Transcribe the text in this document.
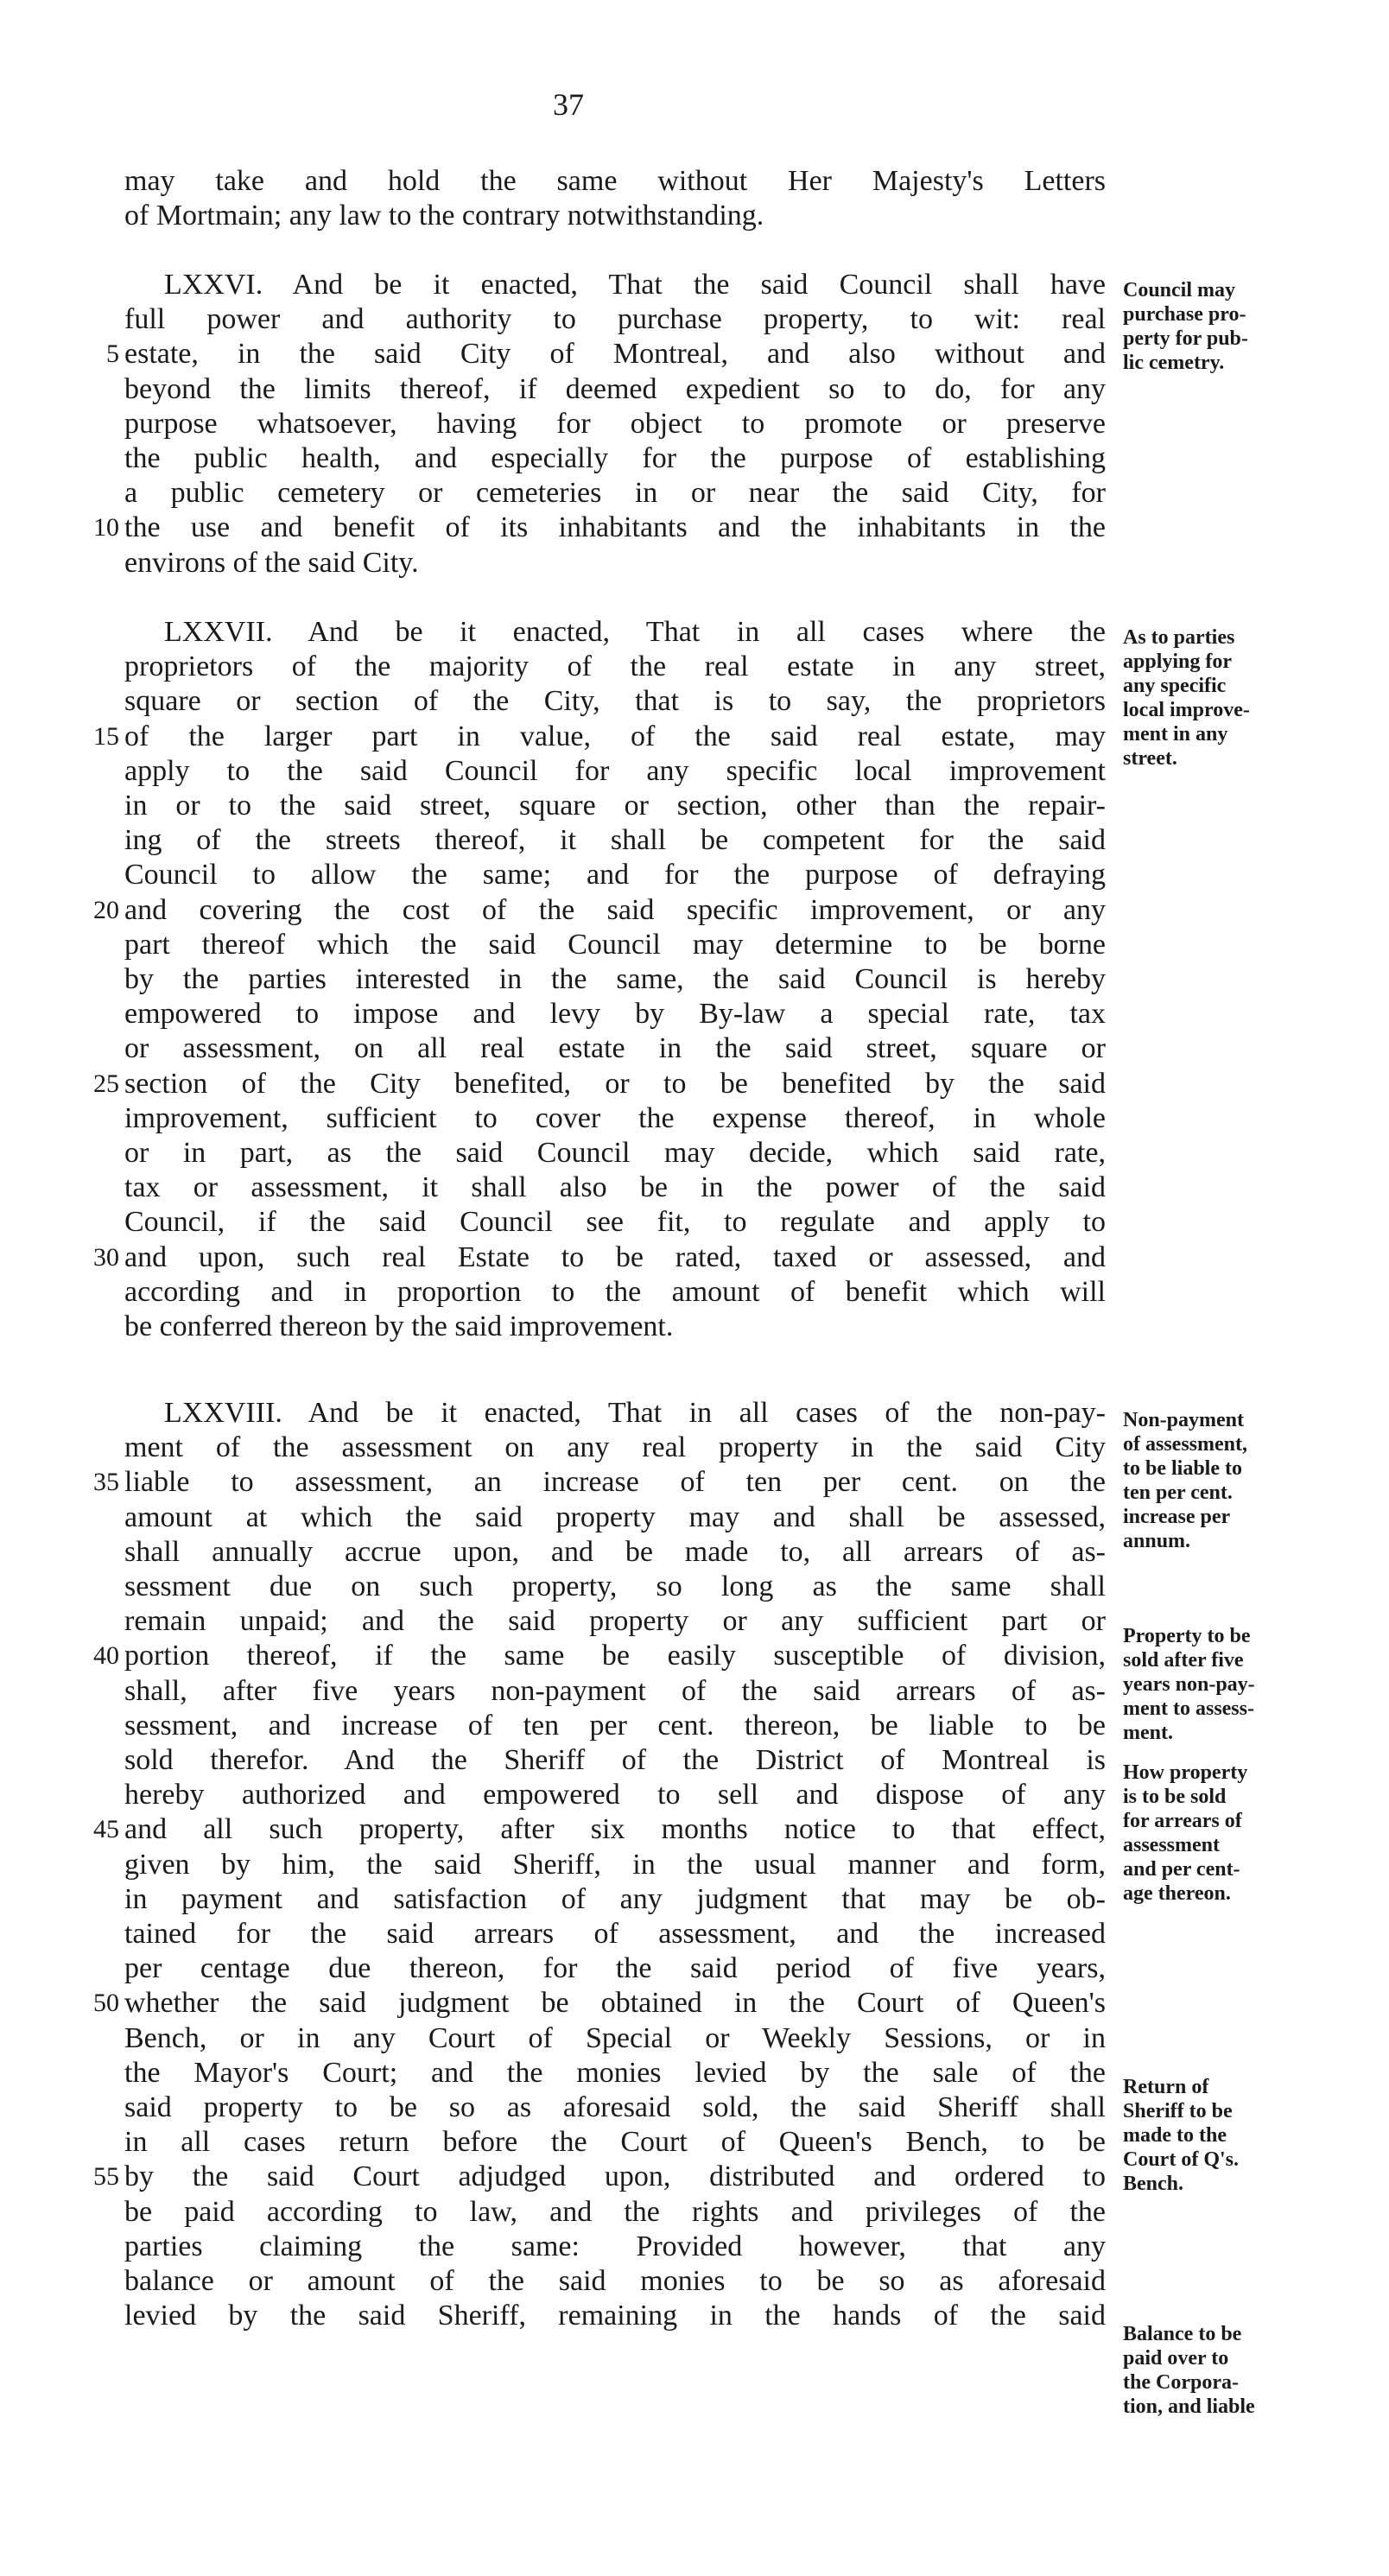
37
may take and hold the same without Her Majesty's Letters
of Mortmain; any law to the contrary notwithstanding.
LXXVI. And be it enacted, That the said Council shall have
full power and authority to purchase property, to wit: real
estate, in the said City of Montreal, and also without and
beyond the limits thereof, if deemed expedient so to do, for any
purpose whatsoever, having for object to promote or preserve
the public health, and especially for the purpose of establishing
a public cemetery or cemeteries in or near the said City, for
the use and benefit of its inhabitants and the inhabitants in the
environs of the said City.
LXXVII. And be it enacted, That in all cases where the
proprietors of the majority of the real estate in any street,
square or section of the City, that is to say, the proprietors
of the larger part in value, of the said real estate, may
apply to the said Council for any specific local improvement
in or to the said street, square or section, other than the repair-
ing of the streets thereof, it shall be competent for the said
Council to allow the same; and for the purpose of defraying
and covering the cost of the said specific improvement, or any
part thereof which the said Council may determine to be borne
by the parties interested in the same, the said Council is hereby
empowered to impose and levy by By-law a special rate, tax
or assessment, on all real estate in the said street, square or
section of the City benefited, or to be benefited by the said
improvement, sufficient to cover the expense thereof, in whole
or in part, as the said Council may decide, which said rate,
tax or assessment, it shall also be in the power of the said
Council, if the said Council see fit, to regulate and apply to
and upon, such real Estate to be rated, taxed or assessed, and
according and in proportion to the amount of benefit which will
be conferred thereon by the said improvement.
LXXVIII. And be it enacted, That in all cases of the non-pay-
ment of the assessment on any real property in the said City
liable to assessment, an increase of ten per cent. on the
amount at which the said property may and shall be assessed,
shall annually accrue upon, and be made to, all arrears of as-
sessment due on such property, so long as the same shall
remain unpaid; and the said property or any sufficient part or
portion thereof, if the same be easily susceptible of division,
shall, after five years non-payment of the said arrears of as-
sessment, and increase of ten per cent. thereon, be liable to be
sold therefor. And the Sheriff of the District of Montreal is
hereby authorized and empowered to sell and dispose of any
and all such property, after six months notice to that effect,
given by him, the said Sheriff, in the usual manner and form,
in payment and satisfaction of any judgment that may be ob-
tained for the said arrears of assessment, and the increased
per centage due thereon, for the said period of five years,
whether the said judgment be obtained in the Court of Queen's
Bench, or in any Court of Special or Weekly Sessions, or in
the Mayor's Court; and the monies levied by the sale of the
said property to be so as aforesaid sold, the said Sheriff shall
in all cases return before the Court of Queen's Bench, to be
by the said Court adjudged upon, distributed and ordered to
be paid according to law, and the rights and privileges of the
parties claiming the same: Provided however, that any
balance or amount of the said monies to be so as aforesaid
levied by the said Sheriff, remaining in the hands of the said
5
10
15
20
25
30
35
40
45
50
55
Council may
purchase pro-
perty for pub-
lic cemetry.
As to parties
applying for
any specific
local improve-
ment in any
street.
Non-payment
of assessment,
to be liable to
ten per cent.
increase per
annum.
Property to be
sold after five
years non-pay-
ment to assess-
ment.
How property
is to be sold
for arrears of
assessment
and per cent-
age thereon.
Return of
Sheriff to be
made to the
Court of Q's.
Bench.
Balance to be
paid over to
the Corpora-
tion, and liable
